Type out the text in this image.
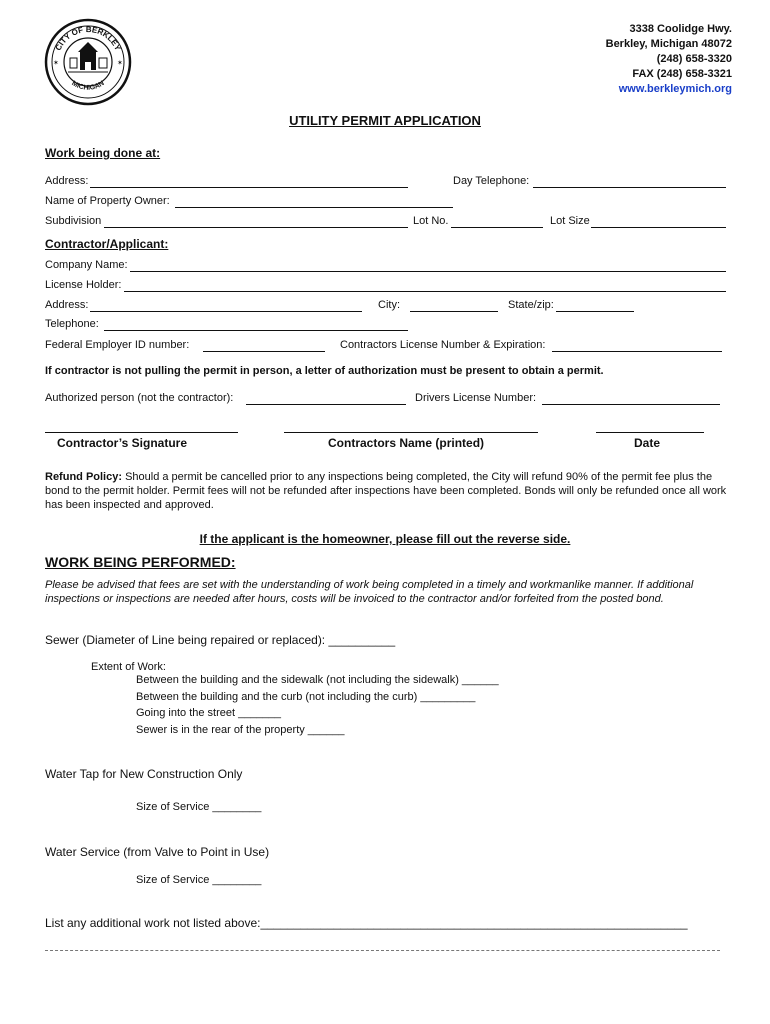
CITY OF BERKLEY
MICHIGAN
✶	✶
3338 Coolidge Hwy.
Berkley, Michigan 48072
(248) 658-3320
FAX (248) 658-3321
www.berkleymich.org
UTILITY PERMIT APPLICATION
Work being done at:
Address:	Day Telephone:
Name of Property Owner:
Subdivision	Lot No.	Lot Size
Contractor/Applicant:
Company Name:
License Holder:
Address:	City:	State/zip:
Telephone:
Federal Employer ID number:	Contractors License Number & Expiration:
If contractor is not pulling the permit in person, a letter of authorization must be present to obtain a permit.
Authorized person (not the contractor):	Drivers License Number:
Contractor’s Signature	Contractors Name (printed)	Date
Refund Policy: Should a permit be cancelled prior to any inspections being completed, the City will refund 90% of the permit fee plus the bond to the permit holder. Permit fees will not be refunded after inspections have been completed. Bonds will only be refunded once all work has been inspected and approved.
If the applicant is the homeowner, please fill out the reverse side.
WORK BEING PERFORMED:
Please be advised that fees are set with the understanding of work being completed in a timely and workmanlike manner. If additional inspections or inspections are needed after hours, costs will be invoiced to the contractor and/or forfeited from the posted bond.
Sewer (Diameter of Line being repaired or replaced): __________
Extent of Work:
Between the building and the sidewalk (not including the sidewalk) ______
Between the building and the curb (not including the curb) _________
Going into the street _______
Sewer is in the rear of the property ______
Water Tap for New Construction Only
Size of Service ________
Water Service (from Valve to Point in Use)
Size of Service ________
List any additional work not listed above:________________________________________________________________
